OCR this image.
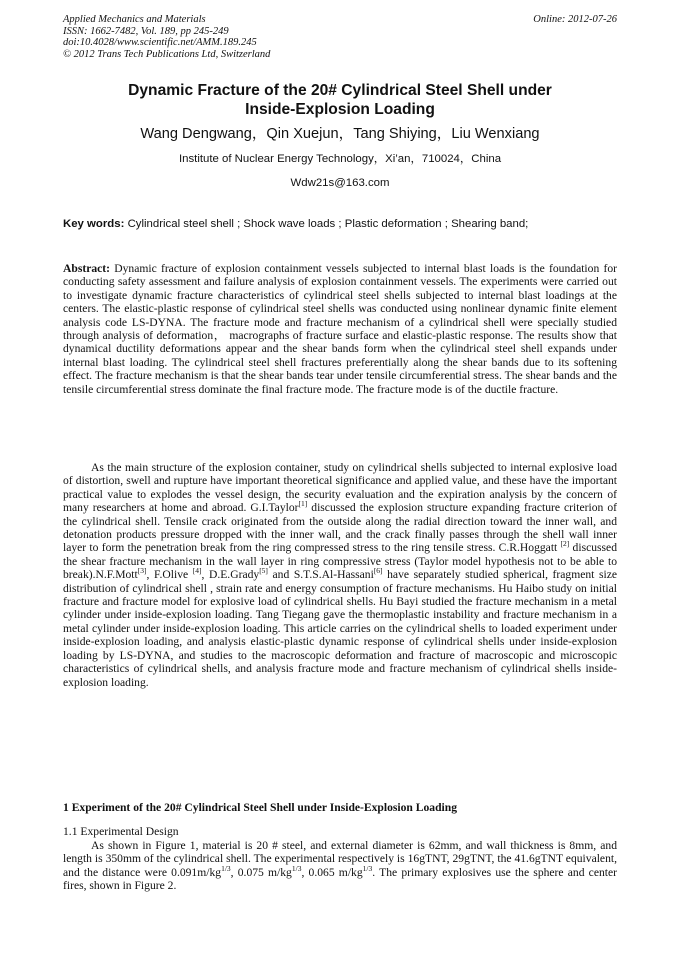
Applied Mechanics and Materials
ISSN: 1662-7482, Vol. 189, pp 245-249
doi:10.4028/www.scientific.net/AMM.189.245
© 2012 Trans Tech Publications Ltd, Switzerland
Online: 2012-07-26
Dynamic Fracture of the 20# Cylindrical Steel Shell under
Inside-Explosion Loading
Wang Dengwang，Qin Xuejun，Tang Shiying，Liu Wenxiang
Institute of Nuclear Energy Technology，Xi’an，710024，China
Wdw21s@163.com
Key words: Cylindrical steel shell ; Shock wave loads ; Plastic deformation ; Shearing band;
Abstract: Dynamic fracture of explosion containment vessels subjected to internal blast loads is the foundation for conducting safety assessment and failure analysis of explosion containment vessels. The experiments were carried out to investigate dynamic fracture characteristics of cylindrical steel shells subjected to internal blast loadings at the centers. The elastic-plastic response of cylindrical steel shells was conducted using nonlinear dynamic finite element analysis code LS-DYNA. The fracture mode and fracture mechanism of a cylindrical shell were specially studied through analysis of deformation， macrographs of fracture surface and elastic-plastic response. The results show that dynamical ductility deformations appear and the shear bands form when the cylindrical steel shell expands under internal blast loading. The cylindrical steel shell fractures preferentially along the shear bands due to its softening effect. The fracture mechanism is that the shear bands tear under tensile circumferential stress. The shear bands and the tensile circumferential stress dominate the final fracture mode. The fracture mode is of the ductile fracture.
As the main structure of the explosion container, study on cylindrical shells subjected to internal explosive load of distortion, swell and rupture have important theoretical significance and applied value, and these have the important practical value to explodes the vessel design, the security evaluation and the expiration analysis by the concern of many researchers at home and abroad. G.I.Taylor[1] discussed the explosion structure expanding fracture criterion of the cylindrical shell. Tensile crack originated from the outside along the radial direction toward the inner wall, and detonation products pressure dropped with the inner wall, and the crack finally passes through the shell wall inner layer to form the penetration break from the ring compressed stress to the ring tensile stress. C.R.Hoggatt [2] discussed the shear fracture mechanism in the wall layer in ring compressive stress (Taylor model hypothesis not to be able to break).N.F.Mott[3], F.Olive [4], D.E.Grady[5] and S.T.S.Al-Hassani[6] have separately studied spherical, fragment size distribution of cylindrical shell , strain rate and energy consumption of fracture mechanisms. Hu Haibo study on initial fracture and fracture model for explosive load of cylindrical shells. Hu Bayi studied the fracture mechanism in a metal cylinder under inside-explosion loading. Tang Tiegang gave the thermoplastic instability and fracture mechanism in a metal cylinder under inside-explosion loading. This article carries on the cylindrical shells to loaded experiment under inside-explosion loading, and analysis elastic-plastic dynamic response of cylindrical shells under inside-explosion loading by LS-DYNA, and studies to the macroscopic deformation and fracture of macroscopic and microscopic characteristics of cylindrical shells, and analysis fracture mode and fracture mechanism of cylindrical shells inside-explosion loading.
1 Experiment of the 20# Cylindrical Steel Shell under Inside-Explosion Loading
1.1 Experimental Design
As shown in Figure 1, material is 20 # steel, and external diameter is 62mm, and wall thickness is 8mm, and length is 350mm of the cylindrical shell. The experimental respectively is 16gTNT, 29gTNT, the 41.6gTNT equivalent, and the distance were $0.091m/kg^{1/3}$, 0.075 $m/kg^{1/3}$, 0.065 $m/kg^{1/3}$. The primary explosives use the sphere and center fires, shown in Figure 2.
